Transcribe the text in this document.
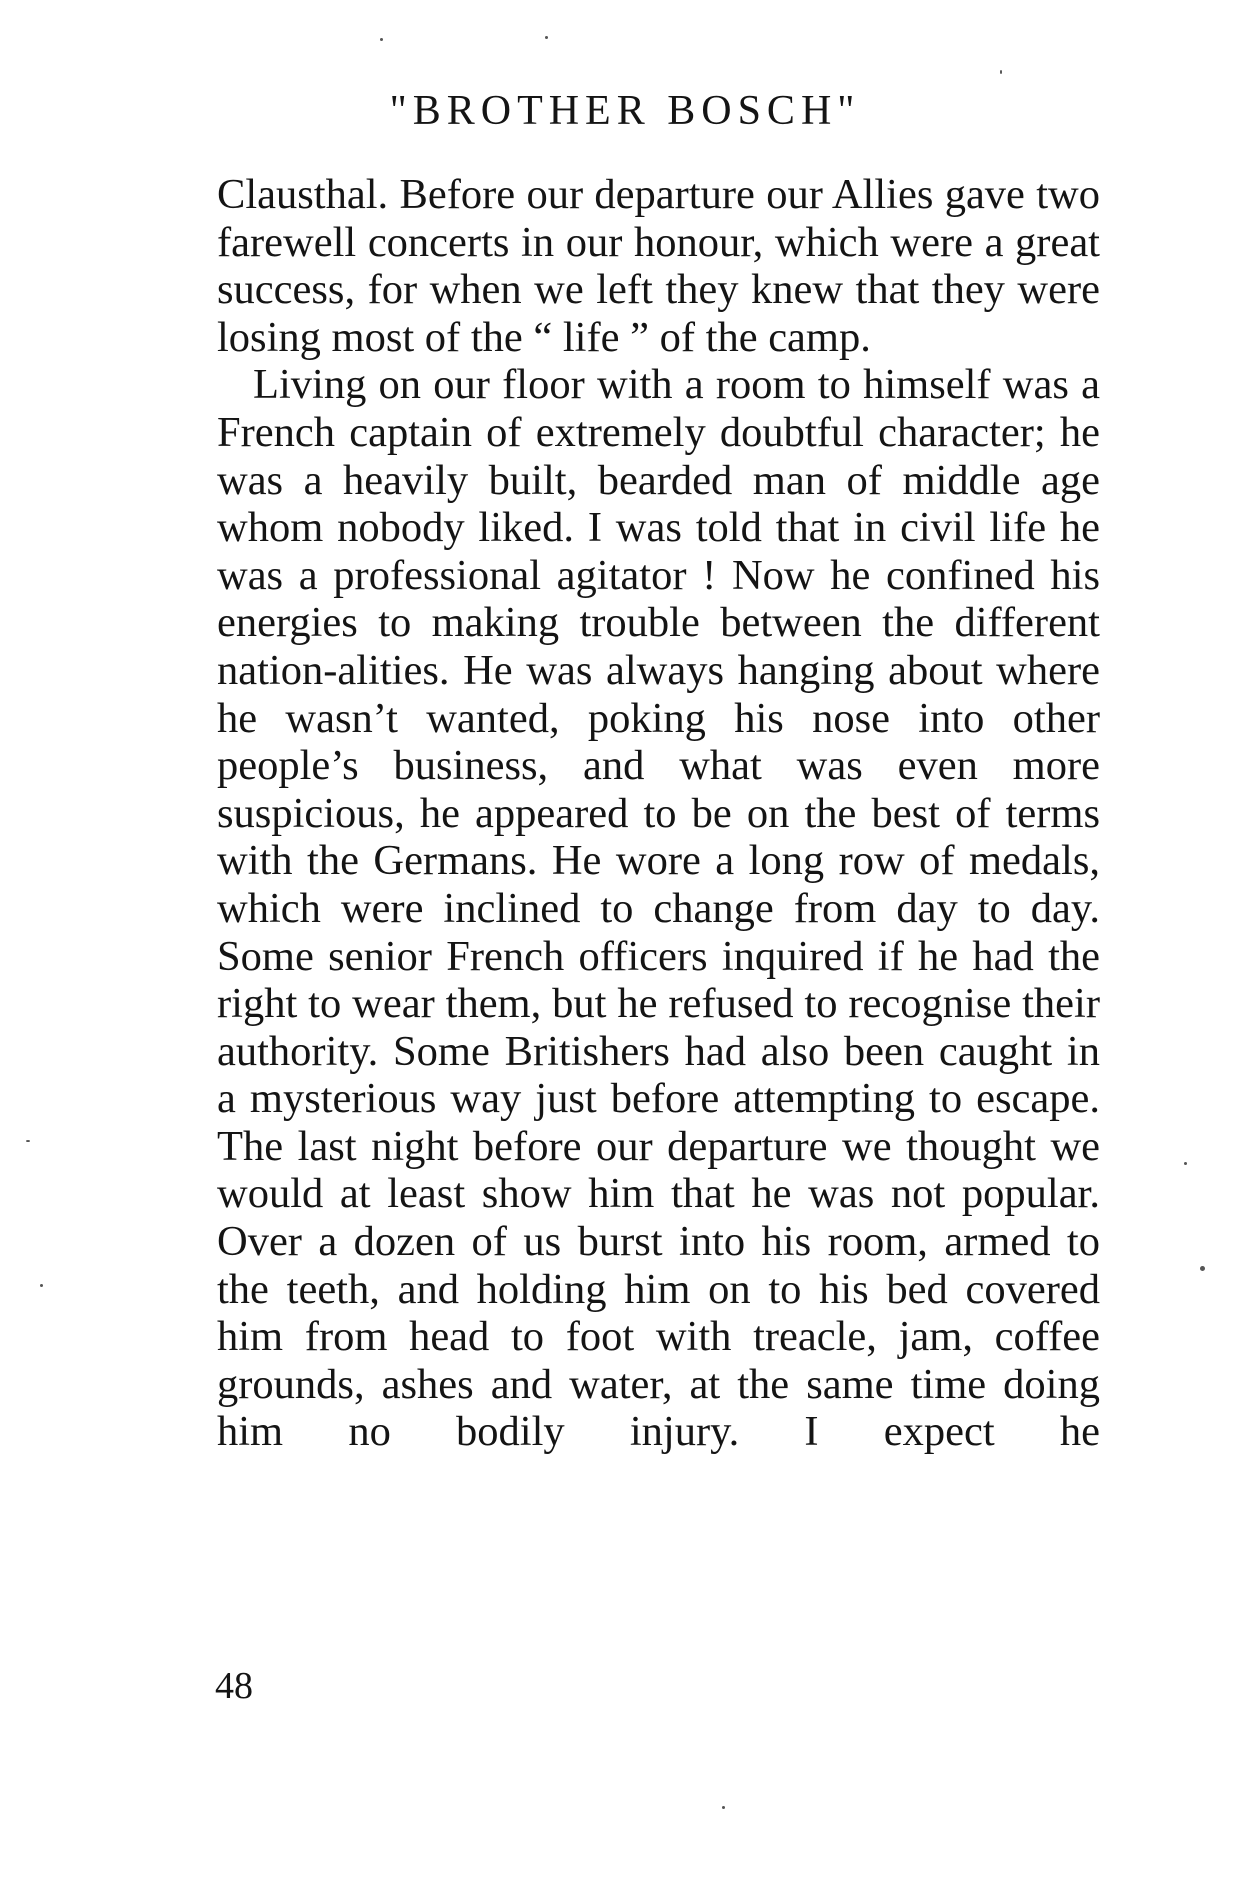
"BROTHER BOSCH"

Clausthal. Before our departure our Allies gave two farewell concerts in our honour, which were a great success, for when we left they knew that they were losing most of the “ life ” of the camp.

Living on our floor with a room to himself was a French captain of extremely doubtful character; he was a heavily built, bearded man of middle age whom nobody liked. I was told that in civil life he was a professional agitator ! Now he confined his energies to making trouble between the different nation-alities. He was always hanging about where he wasn’t wanted, poking his nose into other people’s business, and what was even more suspicious, he appeared to be on the best of terms with the Germans. He wore a long row of medals, which were inclined to change from day to day. Some senior French officers inquired if he had the right to wear them, but he refused to recognise their authority. Some Britishers had also been caught in a mysterious way just before attempting to escape. The last night before our departure we thought we would at least show him that he was not popular. Over a dozen of us burst into his room, armed to the teeth, and holding him on to his bed covered him from head to foot with treacle, jam, coffee grounds, ashes and water, at the same time doing him no bodily injury. I expect he

48
